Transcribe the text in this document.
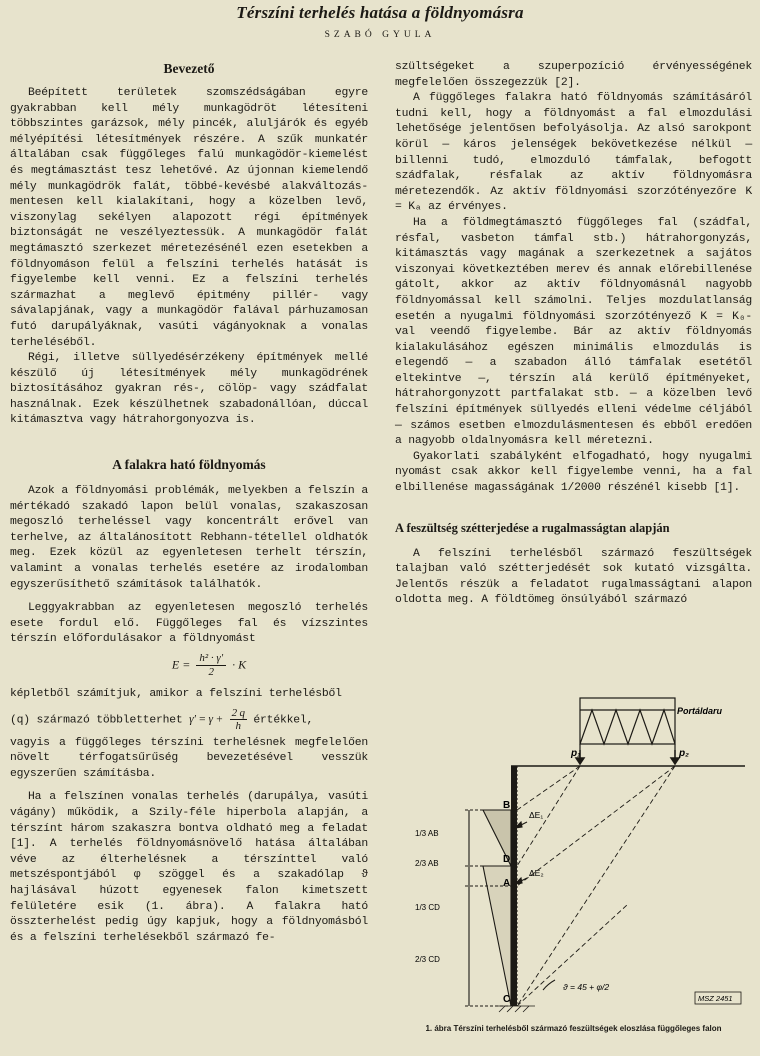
Térszíni terhelés hatása a földnyomásra
SZABÓ GYULA
Bevezető

Beépített területek szomszédságában egyre gyakrabban kell mély munkagödröt létesíteni többszintes garázsok, mély pincék, aluljárók és egyéb mélyépítési létesítmények részére. A szűk munkatér általában csak függőleges falú munkagödör-kiemelést és megtámasztást tesz lehetővé. Az újonnan kiemelendő mély munkagödrök falát, többé-kevésbé alakváltozás-mentesen kell kialakítani, hogy a közelben levő, viszonylag sekélyen alapozott régi építmények biztonságát ne veszélyeztessük. A munkagödör falát megtámasztó szerkezet méretezésénél ezen esetekben a földnyomáson felül a felszíni terhelés hatását is figyelembe kell venni. Ez a felszíni terhelés származhat a meglevő épitmény pillér- vagy sávalapjának, vagy a munkagödör falával párhuzamosan futó darupályáknak, vasúti vágányoknak a vonalas terheléséből.

Régi, illetve süllyedésérzékeny építmények mellé készülő új létesítmények mély munkagödrének biztosításához gyakran rés-, cölöp- vagy szádfalat használnak. Ezek készülhetnek szabadonállóan, dúccal kitámasztva vagy hátrahorgonyozva is.

A falakra ható földnyomás

Azok a földnyomási problémák, melyekben a felszín a mértékadó szakadó lapon belül vonalas, szakaszosan megoszló terheléssel vagy koncentrált erővel van terhelve, az általánosított Rebhann-tétellel oldhatók meg. Ezek közül az egyenletesen terhelt térszín, valamint a vonalas terhelés esetére az irodalomban egyszerűsíthető számítások találhatók.

Leggyakrabban az egyenletesen megoszló terhelés esete fordul elő. Függőleges fal és vízszintes térszín előfordulásakor a földnyomást

$E = \frac{\text{h² · γ′}}{2} \cdot K$

képletből számítjuk, amikor a felszíni terhelésből

(q) származó többletterhet $\gamma' = \gamma + \frac{2 q}{h}$ értékkel,

vagyis a függőleges térszíni terhelésnek megfelelően növelt térfogatsűrűség bevezetésével vesszük egyszerűen számításba.

Ha a felszínen vonalas terhelés (darupálya, vasúti vágány) működik, a Szily-féle hiperbola alapján, a térszínt három szakaszra bontva oldható meg a feladat [1]. A terhelés földnyomásnövelő hatása általában véve az élterhelésnek a térszínttel való metszéspontjából φ szöggel és a szakadólap ϑ hajlásával húzott egyenesek falon kimetszett felületére esik (1. ábra). A falakra ható összterhelést pedig úgy kapjuk, hogy a földnyomásból és a felszíni terhelésekből származó fe-

szültségeket a szuperpozíció érvényességének megfelelően összegezzük [2].

A függőleges falakra ható földnyomás számításáról tudni kell, hogy a földnyomást a fal elmozdulási lehetősége jelentősen befolyásolja. Az alsó sarokpont körül — káros jelenségek bekövetkezése nélkül — billenni tudó, elmozduló támfalak, befogott szádfalak, résfalak az aktív földnyomásra méretezendők. Az aktív földnyomási szorzótényezőre K = Kₐ az érvényes.

Ha a földmegtámasztó függőleges fal (szádfal, résfal, vasbeton támfal stb.) hátrahorgonyzás, kitámasztás vagy magának a szerkezetnek a sajátos viszonyai következtében merev és annak előrebillenése gátolt, akkor az aktív földnyomásnál nagyobb földnyomással kell számolni. Teljes mozdulatlanság esetén a nyugalmi földnyomási szorzótényező K = K₀-val veendő figyelembe. Bár az aktív földnyomás kialakulásához egészen minimális elmozdulás is elegendő — a szabadon álló támfalak esetétől eltekintve —, térszín alá kerülő építményeket, hátrahorgonyzott partfalakat stb. — a közelben levő felszíni építmények süllyedés elleni védelme céljából — számos esetben elmozdulásmentesen és ebből eredően a nagyobb oldalnyomásra kell méretezni.

Gyakorlati szabályként elfogadható, hogy nyugalmi nyomást csak akkor kell figyelembe venni, ha a fal elbillenése magasságának 1/2000 részénél kisebb [1].

A feszültség szétterjedése a rugalmasságtan alapján

A felszíni terhelésből származó feszültségek talajban való szétterjedését sok kutató vizsgálta. Jelentős részük a feladatot rugalmasságtani alapon oldotta meg. A földtömeg önsúlyából származó

Portáldaru
p₁	p₂
1/3 AB
2/3 AB
1/3 CD
2/3 CD
B
D
A
C
ΔE₁
ΔE₂
ϑ = 45 + φ/2
MSZ 2451
1. ábra Térszíni terhelésből származó feszültségek eloszlása függőleges falon
